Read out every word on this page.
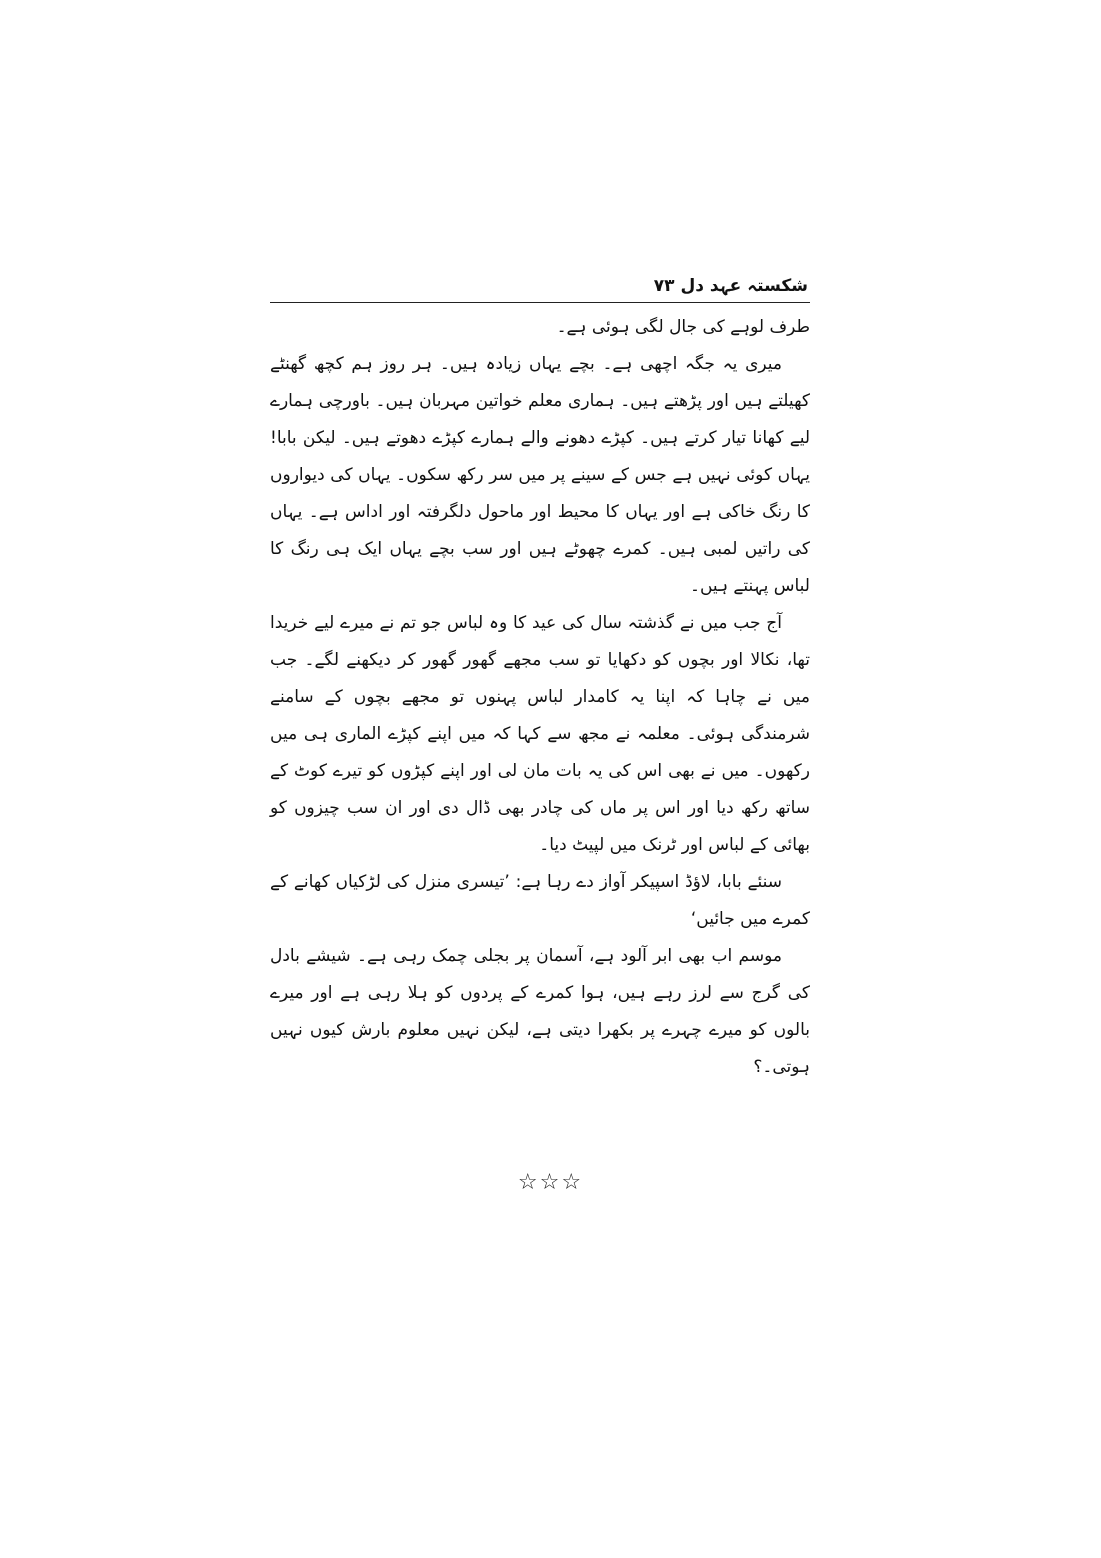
شکستہ عہد دل ۷۳

طرف لوہے کی جال لگی ہوئی ہے۔

میری یہ جگہ اچھی ہے۔ بچے یہاں زیادہ ہیں۔ ہر روز ہم کچھ گھنٹے کھیلتے ہیں اور پڑھتے ہیں۔ ہماری معلم خواتین مہربان ہیں۔ باورچی ہمارے لیے کھانا تیار کرتے ہیں۔ کپڑے دھونے والے ہمارے کپڑے دھوتے ہیں۔ لیکن بابا! یہاں کوئی نہیں ہے جس کے سینے پر میں سر رکھ سکوں۔ یہاں کی دیواروں کا رنگ خاکی ہے اور یہاں کا محیط اور ماحول دلگرفتہ اور اداس ہے۔ یہاں کی راتیں لمبی ہیں۔ کمرے چھوٹے ہیں اور سب بچے یہاں ایک ہی رنگ کا لباس پہنتے ہیں۔

آج جب میں نے گذشتہ سال کی عید کا وہ لباس جو تم نے میرے لیے خریدا تھا، نکالا اور بچوں کو دکھایا تو سب مجھے گھور گھور کر دیکھنے لگے۔ جب میں نے چاہا کہ اپنا یہ کامدار لباس پہنوں تو مجھے بچوں کے سامنے شرمندگی ہوئی۔ معلمہ نے مجھ سے کہا کہ میں اپنے کپڑے الماری ہی میں رکھوں۔ میں نے بھی اس کی یہ بات مان لی اور اپنے کپڑوں کو تیرے کوٹ کے ساتھ رکھ دیا اور اس پر ماں کی چادر بھی ڈال دی اور ان سب چیزوں کو بھائی کے لباس اور ٹرنک میں لپیٹ دیا۔

سنئے بابا، لاؤڈ اسپیکر آواز دے رہا ہے: ’تیسری منزل کی لڑکیاں کھانے کے کمرے میں جائیں‘

موسم اب بھی ابر آلود ہے، آسمان پر بجلی چمک رہی ہے۔ شیشے بادل کی گرج سے لرز رہے ہیں، ہوا کمرے کے پردوں کو ہلا رہی ہے اور میرے بالوں کو میرے چہرے پر بکھرا دیتی ہے، لیکن نہیں معلوم بارش کیوں نہیں ہوتی۔؟

☆☆☆
